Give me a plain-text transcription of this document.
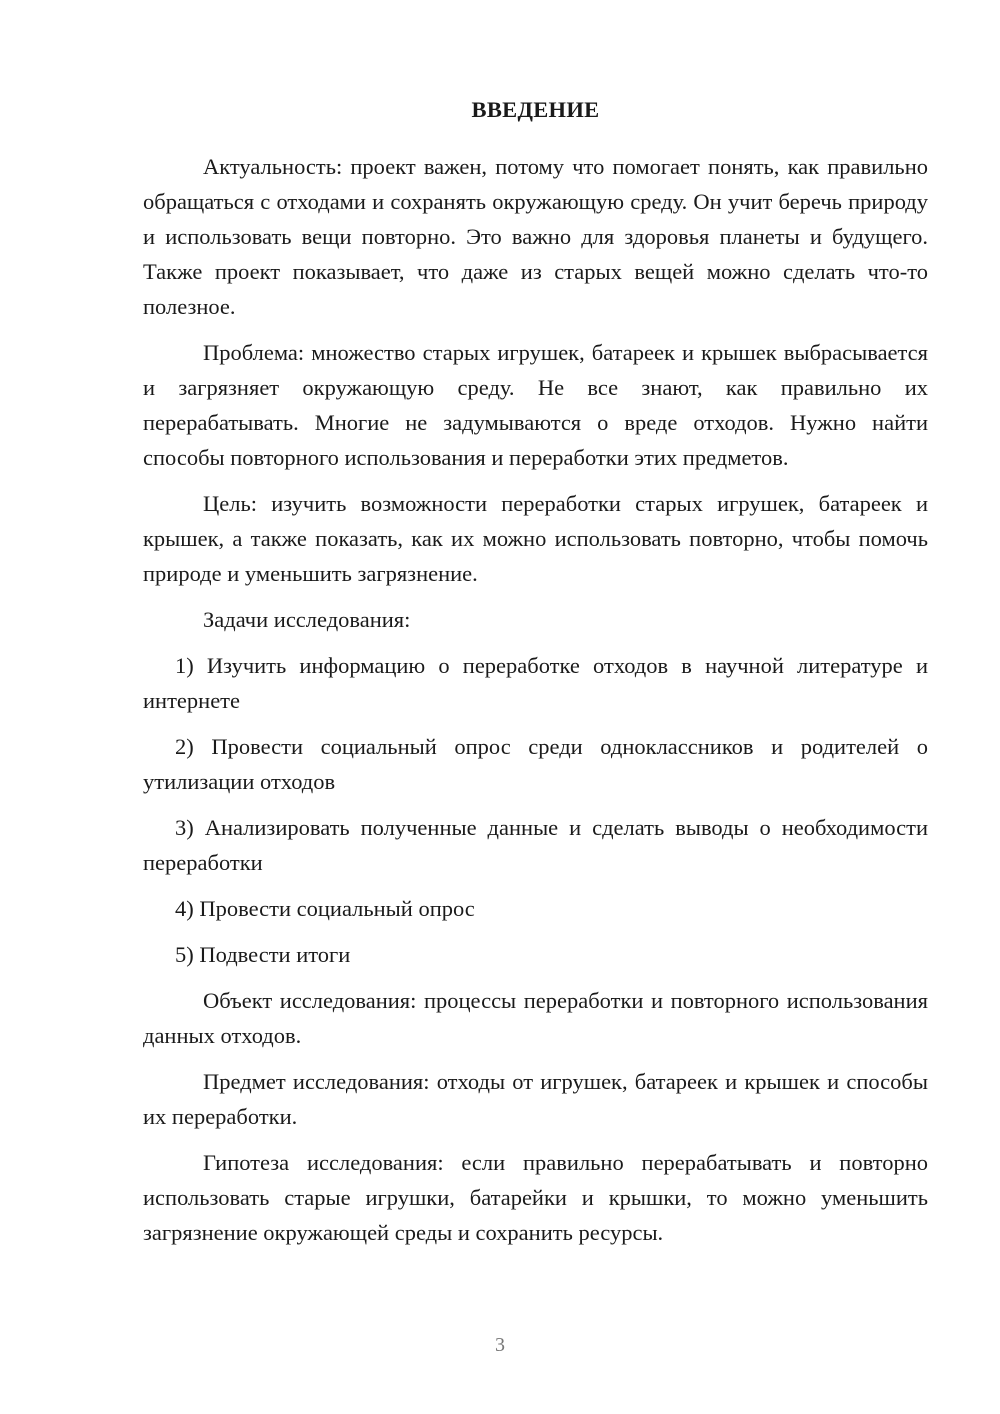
ВВЕДЕНИЕ

Актуальность: проект важен, потому что помогает понять, как правильно обращаться с отходами и сохранять окружающую среду. Он учит беречь природу и использовать вещи повторно. Это важно для здоровья планеты и будущего. Также проект показывает, что даже из старых вещей можно сделать что-то полезное.

Проблема: множество старых игрушек, батареек и крышек выбрасывается и загрязняет окружающую среду. Не все знают, как правильно их перерабатывать. Многие не задумываются о вреде отходов. Нужно найти способы повторного использования и переработки этих предметов.

Цель: изучить возможности переработки старых игрушек, батареек и крышек, а также показать, как их можно использовать повторно, чтобы помочь природе и уменьшить загрязнение.

Задачи исследования:

1) Изучить информацию о переработке отходов в научной литературе и интернете

2) Провести социальный опрос среди одноклассников и родителей о утилизации отходов

3) Анализировать полученные данные и сделать выводы о необходимости переработки

4) Провести социальный опрос

5) Подвести итоги

Объект исследования: процессы переработки и повторного использования данных отходов.

Предмет исследования: отходы от игрушек, батареек и крышек и способы их переработки.

Гипотеза исследования: если правильно перерабатывать и повторно использовать старые игрушки, батарейки и крышки, то можно уменьшить загрязнение окружающей среды и сохранить ресурсы.

3
